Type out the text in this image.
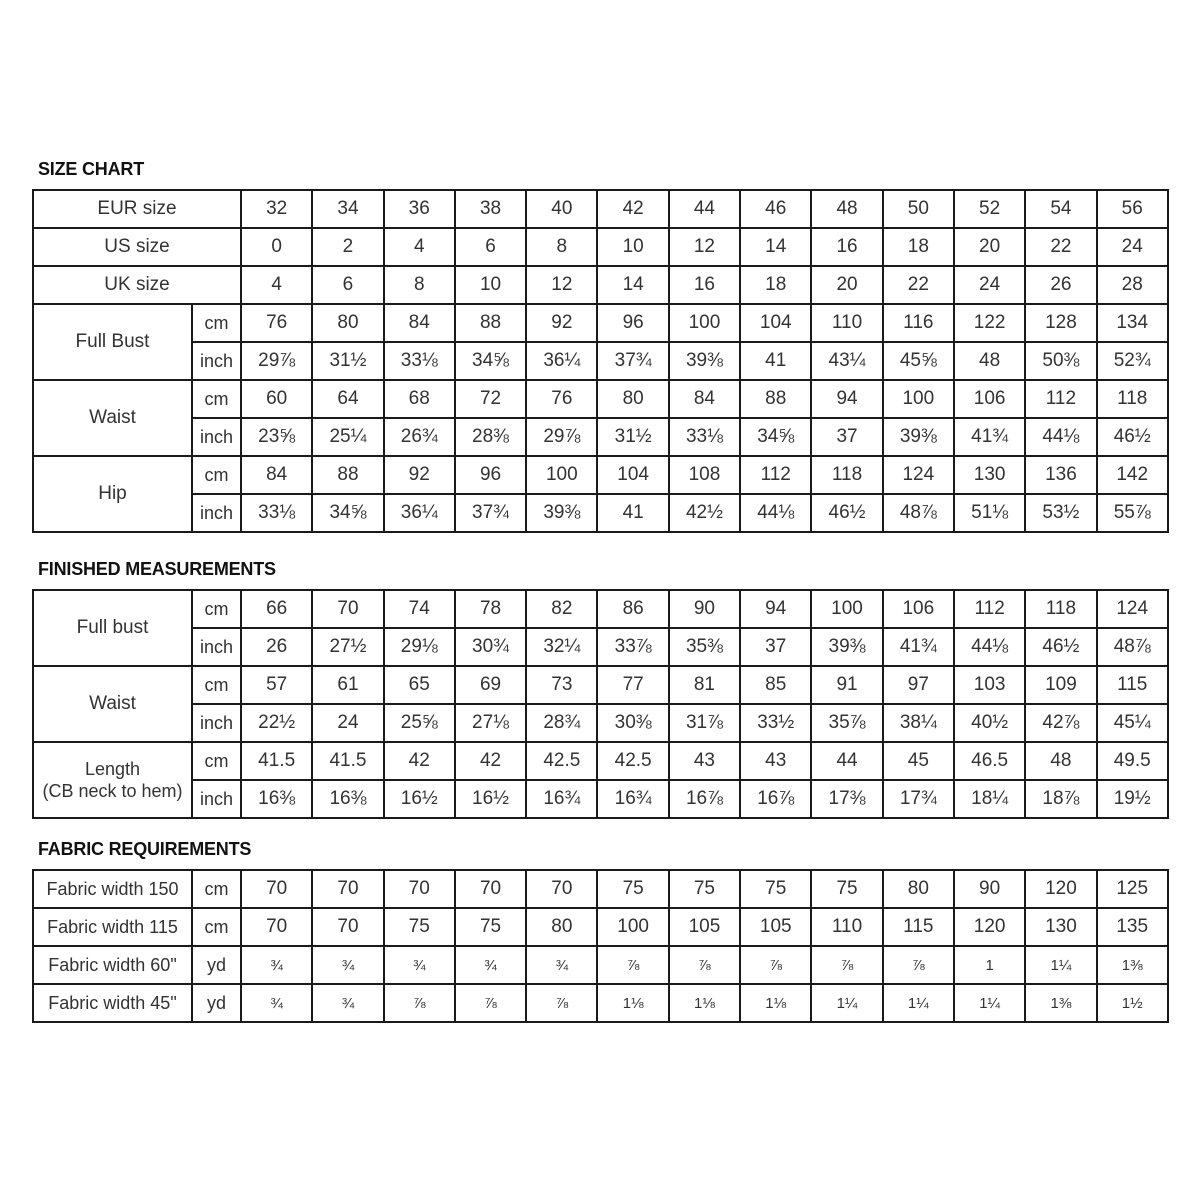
SIZE CHART
EUR size		32	34	36	38	40	42	44	46	48	50	52	54	56
US size		0	2	4	6	8	10	12	14	16	18	20	22	24
UK size		4	6	8	10	12	14	16	18	20	22	24	26	28
Full Bust	cm	76	80	84	88	92	96	100	104	110	116	122	128	134
	inch	29⅞	31½	33⅛	34⅝	36¼	37¾	39⅜	41	43¼	45⅝	48	50⅜	52¾
Waist	cm	60	64	68	72	76	80	84	88	94	100	106	112	118
	inch	23⅝	25¼	26¾	28⅜	29⅞	31½	33⅛	34⅝	37	39⅜	41¾	44⅛	46½
Hip	cm	84	88	92	96	100	104	108	112	118	124	130	136	142
	inch	33⅛	34⅝	36¼	37¾	39⅜	41	42½	44⅛	46½	48⅞	51⅛	53½	55⅞
FINISHED MEASUREMENTS
Full bust	cm	66	70	74	78	82	86	90	94	100	106	112	118	124
	inch	26	27½	29⅛	30¾	32¼	33⅞	35⅜	37	39⅜	41¾	44⅛	46½	48⅞
Waist	cm	57	61	65	69	73	77	81	85	91	97	103	109	115
	inch	22½	24	25⅝	27⅛	28¾	30⅜	31⅞	33½	35⅞	38¼	40½	42⅞	45¼
Length
(CB neck to hem)	cm	41.5	41.5	42	42	42.5	42.5	43	43	44	45	46.5	48	49.5
	inch	16⅜	16⅜	16½	16½	16¾	16¾	16⅞	16⅞	17⅜	17¾	18¼	18⅞	19½
FABRIC REQUIREMENTS
Fabric width 150	cm	70	70	70	70	70	75	75	75	75	80	90	120	125
Fabric width 115	cm	70	70	75	75	80	100	105	105	110	115	120	130	135
Fabric width 60"	yd	¾	¾	¾	¾	¾	⅞	⅞	⅞	⅞	⅞	1	1¼	1⅜
Fabric width 45"	yd	¾	¾	⅞	⅞	⅞	1⅛	1⅛	1⅛	1¼	1¼	1¼	1⅜	1½
